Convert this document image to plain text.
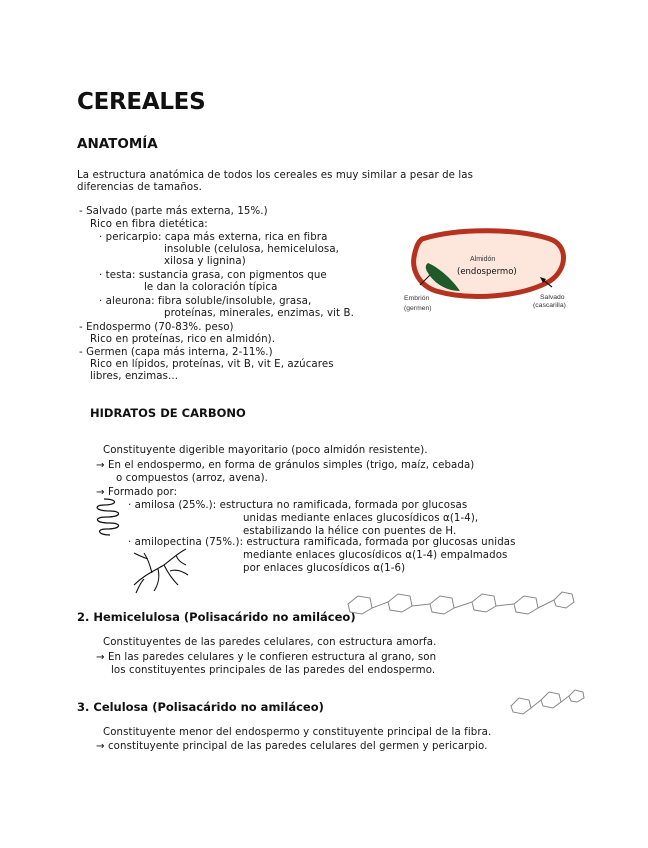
CEREALES
ANATOMÍA
La estructura anatómica de todos los cereales es muy similar a pesar de las
diferencias de tamaños.
- Salvado (parte más externa, 15%.)
Rico en fibra dietética:
· pericarpio: capa más externa, rica en fibra
insoluble (celulosa, hemicelulosa,
xilosa y lignina)
· testa: sustancia grasa, con pigmentos que
le dan la coloración típica
· aleurona: fibra soluble/insoluble, grasa,
proteínas, minerales, enzimas, vit B.
- Endospermo (70-83%. peso)
Rico en proteínas, rico en almidón).
- Germen (capa más interna, 2-11%.)
Rico en lípidos, proteínas, vit B, vit E, azúcares
libres, enzimas...
Almidón
(endospermo)
Embrión
(germen)
Salvado
(cascarilla)
HIDRATOS DE CARBONO
Constituyente digerible mayoritario (poco almidón resistente).
→ En el endospermo, en forma de gránulos simples (trigo, maíz, cebada)
o compuestos (arroz, avena).
→ Formado por:
· amilosa (25%.): estructura no ramificada, formada por glucosas
unidas mediante enlaces glucosídicos α(1-4),
estabilizando la hélice con puentes de H.
· amilopectina (75%.): estructura ramificada, formada por glucosas unidas
mediante enlaces glucosídicos α(1-4) empalmados
por enlaces glucosídicos α(1-6)
2. Hemicelulosa (Polisacárido no amiláceo)
Constituyentes de las paredes celulares, con estructura amorfa.
→ En las paredes celulares y le confieren estructura al grano, son
los constituyentes principales de las paredes del endospermo.
3. Celulosa (Polisacárido no amiláceo)
Constituyente menor del endospermo y constituyente principal de la fibra.
→ constituyente principal de las paredes celulares del germen y pericarpio.
